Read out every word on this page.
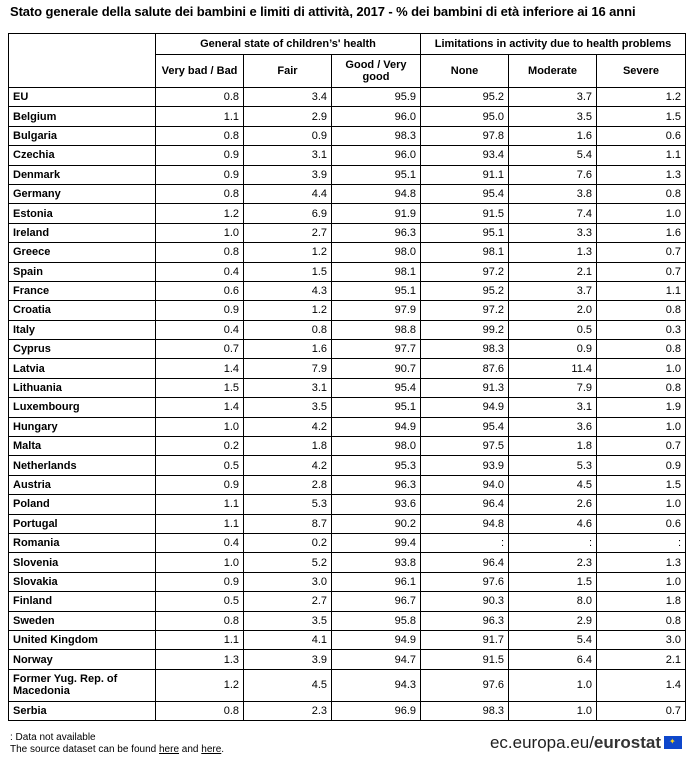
Stato generale della salute dei bambini e limiti di attività, 2017 - % dei bambini di età inferiore ai 16 anni
	General state of children’s' health			Limitations in activity due to health problems		
	Very bad / Bad	Fair	Good / Very good	None	Moderate	Severe
EU	0.8	3.4	95.9	95.2	3.7	1.2
Belgium	1.1	2.9	96.0	95.0	3.5	1.5
Bulgaria	0.8	0.9	98.3	97.8	1.6	0.6
Czechia	0.9	3.1	96.0	93.4	5.4	1.1
Denmark	0.9	3.9	95.1	91.1	7.6	1.3
Germany	0.8	4.4	94.8	95.4	3.8	0.8
Estonia	1.2	6.9	91.9	91.5	7.4	1.0
Ireland	1.0	2.7	96.3	95.1	3.3	1.6
Greece	0.8	1.2	98.0	98.1	1.3	0.7
Spain	0.4	1.5	98.1	97.2	2.1	0.7
France	0.6	4.3	95.1	95.2	3.7	1.1
Croatia	0.9	1.2	97.9	97.2	2.0	0.8
Italy	0.4	0.8	98.8	99.2	0.5	0.3
Cyprus	0.7	1.6	97.7	98.3	0.9	0.8
Latvia	1.4	7.9	90.7	87.6	11.4	1.0
Lithuania	1.5	3.1	95.4	91.3	7.9	0.8
Luxembourg	1.4	3.5	95.1	94.9	3.1	1.9
Hungary	1.0	4.2	94.9	95.4	3.6	1.0
Malta	0.2	1.8	98.0	97.5	1.8	0.7
Netherlands	0.5	4.2	95.3	93.9	5.3	0.9
Austria	0.9	2.8	96.3	94.0	4.5	1.5
Poland	1.1	5.3	93.6	96.4	2.6	1.0
Portugal	1.1	8.7	90.2	94.8	4.6	0.6
Romania	0.4	0.2	99.4	:	:	:
Slovenia	1.0	5.2	93.8	96.4	2.3	1.3
Slovakia	0.9	3.0	96.1	97.6	1.5	1.0
Finland	0.5	2.7	96.7	90.3	8.0	1.8
Sweden	0.8	3.5	95.8	96.3	2.9	0.8
United Kingdom	1.1	4.1	94.9	91.7	5.4	3.0
Norway	1.3	3.9	94.7	91.5	6.4	2.1
Former Yug. Rep. of Macedonia	1.2	4.5	94.3	97.6	1.0	1.4
Serbia	0.8	2.3	96.9	98.3	1.0	0.7
: Data not available
The source dataset can be found here and here.	ec.europa.eu/eurostat✦
